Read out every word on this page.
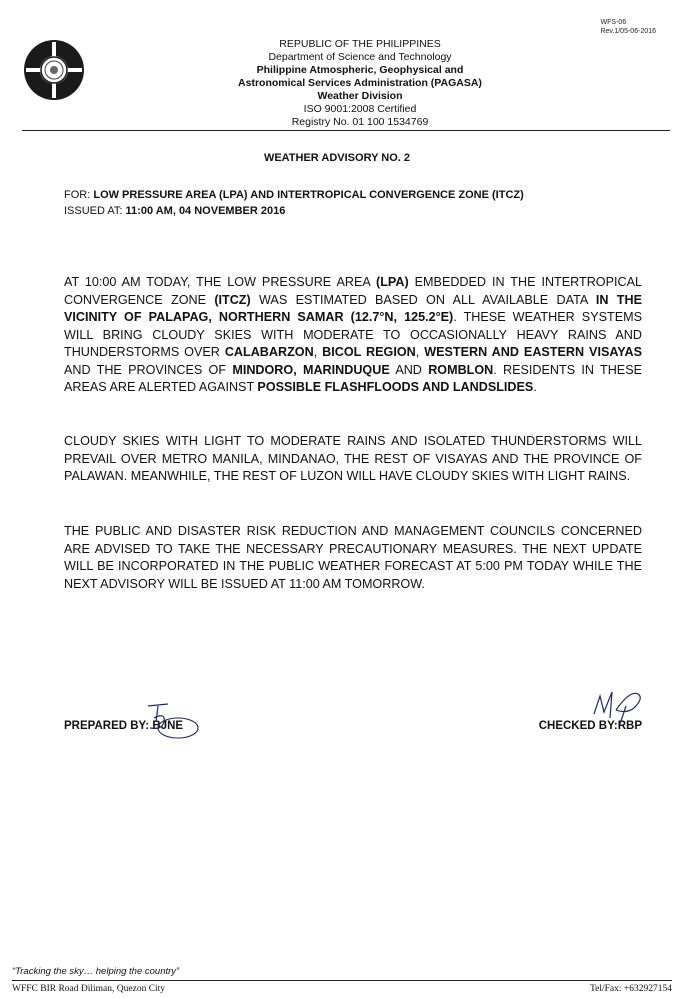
WFS-06
Rev.1/05-06-2016
REPUBLIC OF THE PHILIPPINES
Department of Science and Technology
Philippine Atmospheric, Geophysical and
Astronomical Services Administration (PAGASA)
Weather Division
ISO 9001:2008 Certified
Registry No. 01 100 1534769
WEATHER ADVISORY NO. 2
FOR: LOW PRESSURE AREA (LPA) AND INTERTROPICAL CONVERGENCE ZONE (ITCZ)
ISSUED AT: 11:00 AM, 04 NOVEMBER 2016

AT 10:00 AM TODAY, THE LOW PRESSURE AREA (LPA) EMBEDDED IN THE INTERTROPICAL CONVERGENCE ZONE (ITCZ) WAS ESTIMATED BASED ON ALL AVAILABLE DATA IN THE VICINITY OF PALAPAG, NORTHERN SAMAR (12.7°N, 125.2°E). THESE WEATHER SYSTEMS WILL BRING CLOUDY SKIES WITH MODERATE TO OCCASIONALLY HEAVY RAINS AND THUNDERSTORMS OVER CALABARZON, BICOL REGION, WESTERN AND EASTERN VISAYAS AND THE PROVINCES OF MINDORO, MARINDUQUE AND ROMBLON. RESIDENTS IN THESE AREAS ARE ALERTED AGAINST POSSIBLE FLASHFLOODS AND LANDSLIDES.

CLOUDY SKIES WITH LIGHT TO MODERATE RAINS AND ISOLATED THUNDERSTORMS WILL PREVAIL OVER METRO MANILA, MINDANAO, THE REST OF VISAYAS AND THE PROVINCE OF PALAWAN. MEANWHILE, THE REST OF LUZON WILL HAVE CLOUDY SKIES WITH LIGHT RAINS.

THE PUBLIC AND DISASTER RISK REDUCTION AND MANAGEMENT COUNCILS CONCERNED ARE ADVISED TO TAKE THE NECESSARY PRECAUTIONARY MEASURES. THE NEXT UPDATE WILL BE INCORPORATED IN THE PUBLIC WEATHER FORECAST AT 5:00 PM TODAY WHILE THE NEXT ADVISORY WILL BE ISSUED AT 11:00 AM TOMORROW.

PREPARED BY: BJNE	CHECKED BY:RBP
“Tracking the sky… helping the country”
WFFC BIR Road Diliman, Quezon City	Tel/Fax: +632927154
